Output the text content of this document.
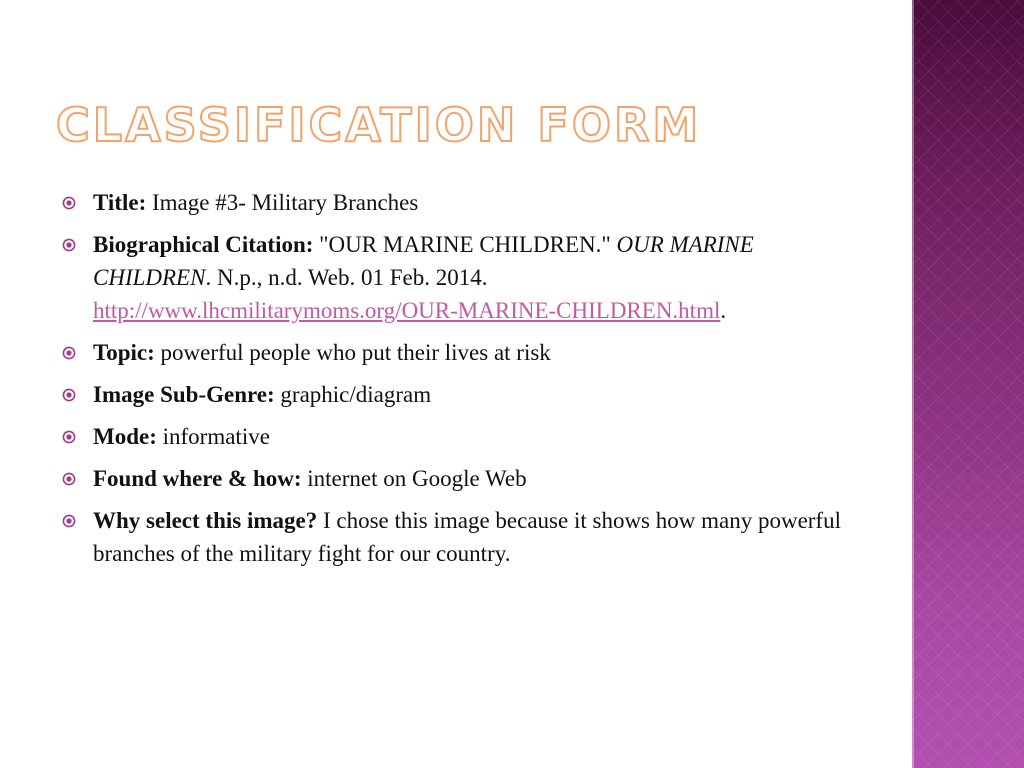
CLASSIFICATION FORM
Title: Image #3- Military Branches
Biographical Citation: "OUR MARINE CHILDREN." OUR MARINE CHILDREN. N.p., n.d. Web. 01 Feb. 2014. http://www.lhcmilitarymoms.org/OUR-MARINE-CHILDREN.html.
Topic: powerful people who put their lives at risk
Image Sub-Genre: graphic/diagram
Mode: informative
Found where & how: internet on Google Web
Why select this image? I chose this image because it shows how many powerful branches of the military fight for our country.
